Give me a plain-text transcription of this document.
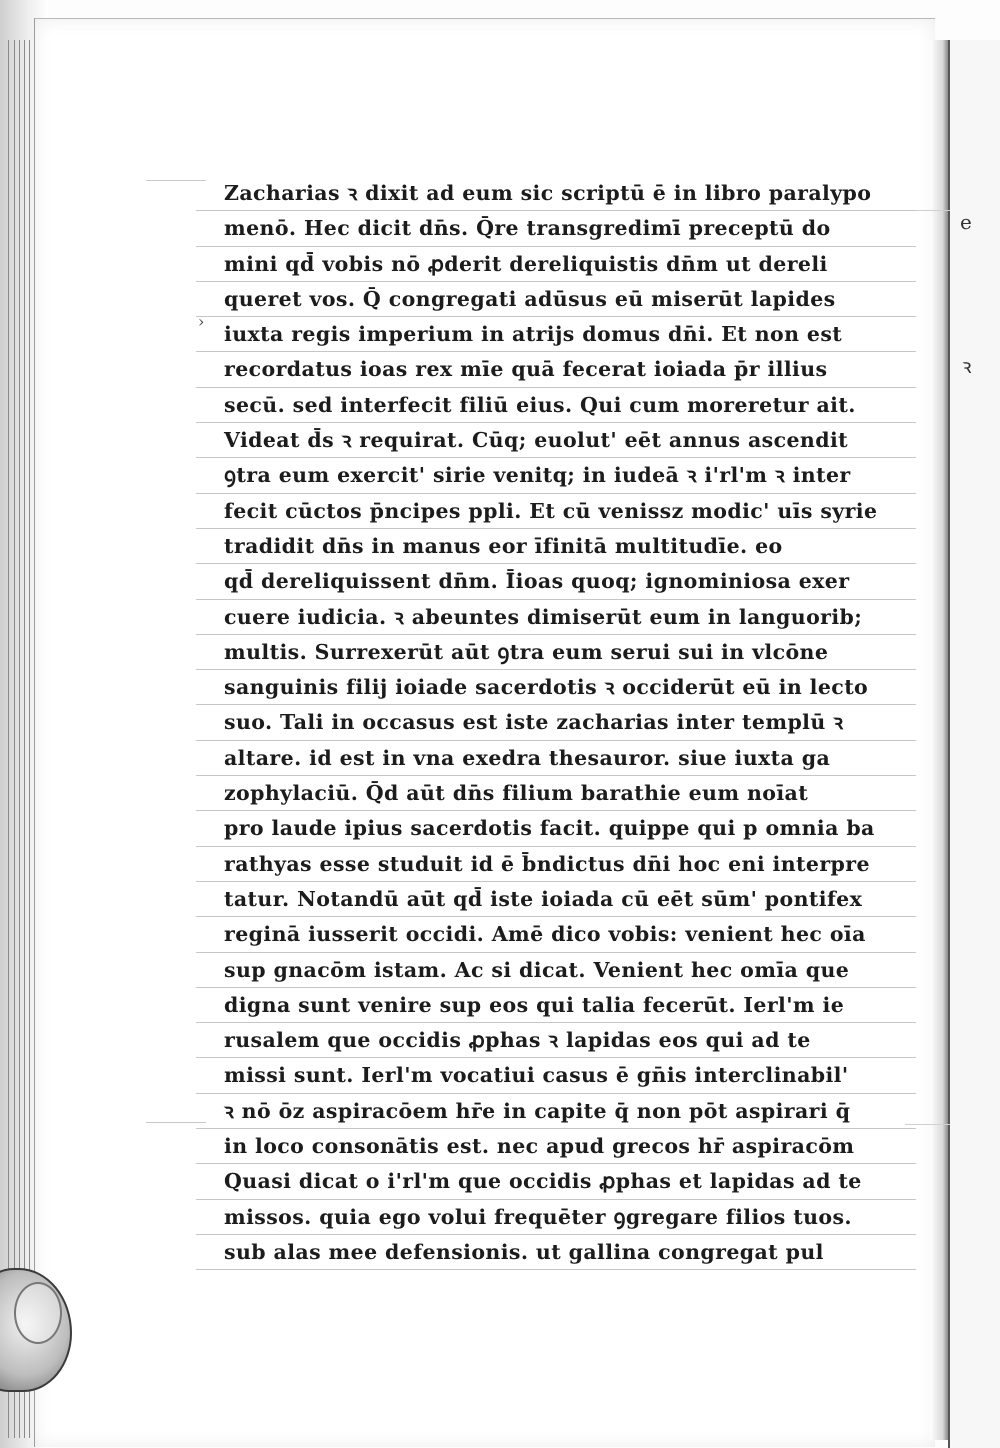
e
ꝛ
›
Zacharias ꝛ dixit ad eum sic scriptū ē in libro paralypo
menō. Hec dicit dn̄s. Q̄re transgredimī̄ preceptū do
mini qd̄ vobis nō ꝓderit dereliquistis dn̄m ut dereli
queret vos. Q̄ congregati adūsus eū miserūt lapides
iuxta regis imperium in atrijs domus dn̄i. Et non est
recordatus ioas rex mīe quā fecerat ioiada p̄r illius
secū. sed interfecit filiū eius. Qui cum moreretur ait.
Videat d̄s ꝛ requirat. Cūq; euolut' eēt annus ascendit
ꝯtra eum exercit' sirie venitq; in iudeā ꝛ i'rl'm ꝛ inter
fecit cūctos p̄ncipes ppli. Et cū venissz modic' uīs syrie
tradidit dn̄s in manus eor īfinitā multitudīe. eo
qd̄ dereliquissent dn̄m. Ī̄ioas quoq; ignominiosa exer
cuere iudicia. ꝛ abeuntes dimiserūt eum in languorib;
multis. Surrexerūt aūt ꝯtra eum serui sui in vlcōne
sanguinis filij ioiade sacerdotis ꝛ occiderūt eū in lecto
suo. Tali in occasus est iste zacharias inter templū ꝛ
altare. id est in vna exedra thesauror. siue iuxta ga
zophylaciū. Q̄d aūt dn̄s filium barathie eum noīat
pro laude ipius sacerdotis facit. quippe qui p omnia ba
rathyas esse studuit id ē b̄ndictus dn̄i hoc eni interpre
tatur. Notandū aūt qd̄ iste ioiada cū eēt sūm' pontifex
reginā iusserit occidi. Amē dico vobis: venient hec oīa
sup gnacōm istam. Ac si dicat. Venient hec omīa que
digna sunt venire sup eos qui talia fecerūt. Ierl'm ie
rusalem que occidis ꝓphas ꝛ lapidas eos qui ad te
missi sunt. Ierl'm vocatiui casus ē gn̄is interclinabil'
ꝛ nō ōz aspiracōem hr̄e in capite q̄ non pōt aspirari q̄
in loco consonātis est. nec apud grecos hr̄ aspiracōm
Quasi dicat o i'rl'm que occidis ꝓphas et lapidas ad te
missos. quia ego volui frequēter ꝯgregare filios tuos.
sub alas mee defensionis. ut gallina congregat pul
